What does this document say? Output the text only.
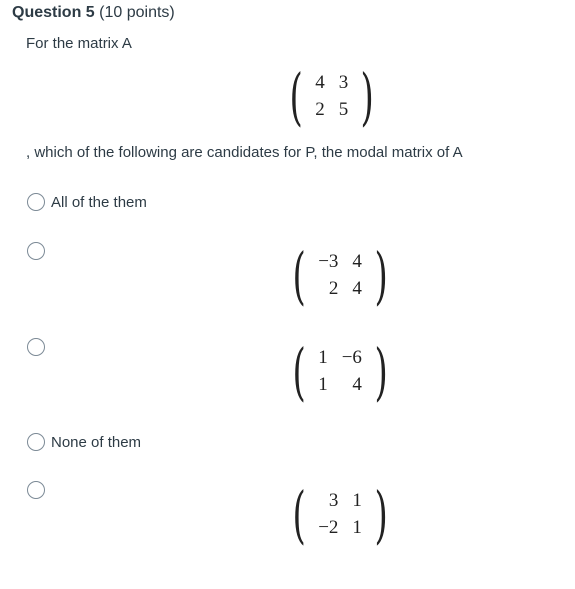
Question 5 (10 points)
For the matrix A
( 4	3
2	5 )
, which of the following are candidates for P, the modal matrix of A
All of the them
( −3	4
2	4 )
( 1	−6
1	4 )
None of them
( 3	1
−2	1 )
